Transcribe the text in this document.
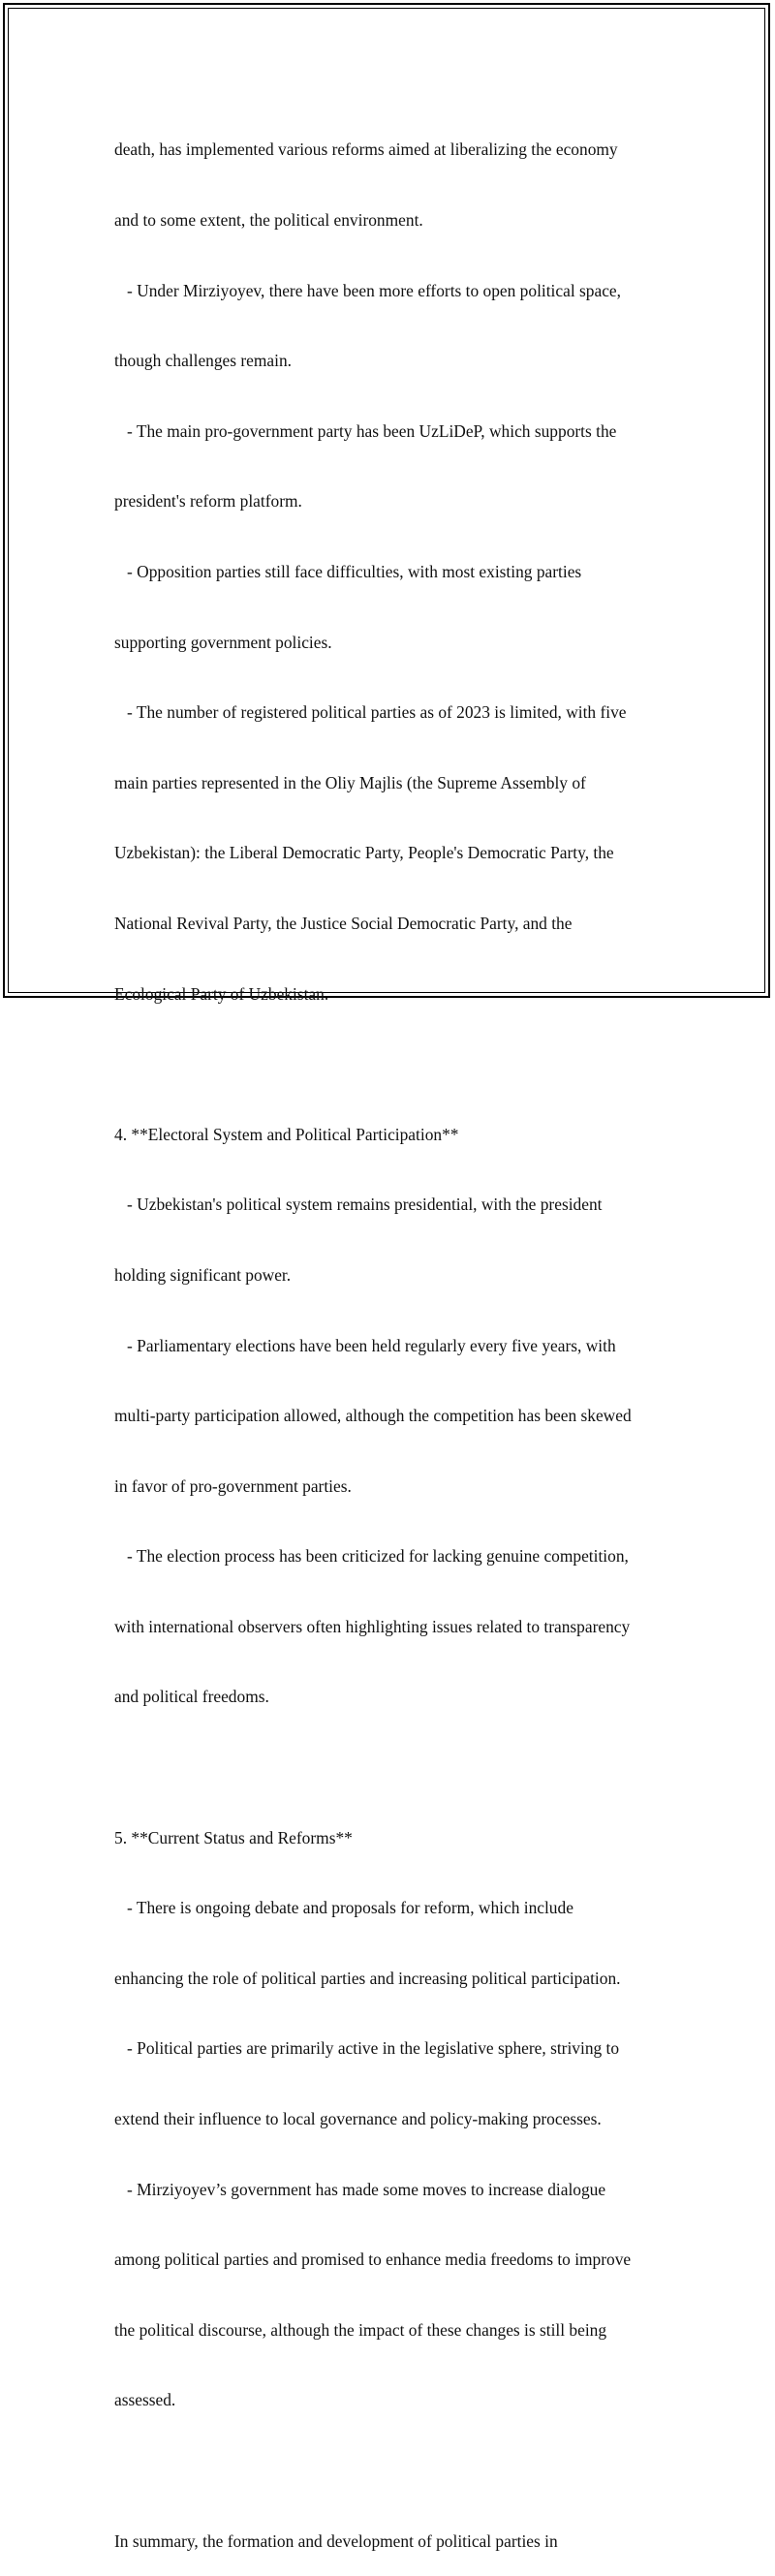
death, has implemented various reforms aimed at liberalizing the economy

and to some extent, the political environment.

- Under Mirziyoyev, there have been more efforts to open political space,

though challenges remain.

- The main pro-government party has been UzLiDeP, which supports the

president's reform platform.

- Opposition parties still face difficulties, with most existing parties

supporting government policies.

- The number of registered political parties as of 2023 is limited, with five

main parties represented in the Oliy Majlis (the Supreme Assembly of

Uzbekistan): the Liberal Democratic Party, People's Democratic Party, the

National Revival Party, the Justice Social Democratic Party, and the

Ecological Party of Uzbekistan.

4. **Electoral System and Political Participation**

- Uzbekistan's political system remains presidential, with the president

holding significant power.

- Parliamentary elections have been held regularly every five years, with

multi-party participation allowed, although the competition has been skewed

in favor of pro-government parties.

- The election process has been criticized for lacking genuine competition,

with international observers often highlighting issues related to transparency

and political freedoms.

5. **Current Status and Reforms**

- There is ongoing debate and proposals for reform, which include

enhancing the role of political parties and increasing political participation.

- Political parties are primarily active in the legislative sphere, striving to

extend their influence to local governance and policy-making processes.

- Mirziyoyev’s government has made some moves to increase dialogue

among political parties and promised to enhance media freedoms to improve

the political discourse, although the impact of these changes is still being

assessed.

In summary, the formation and development of political parties in
